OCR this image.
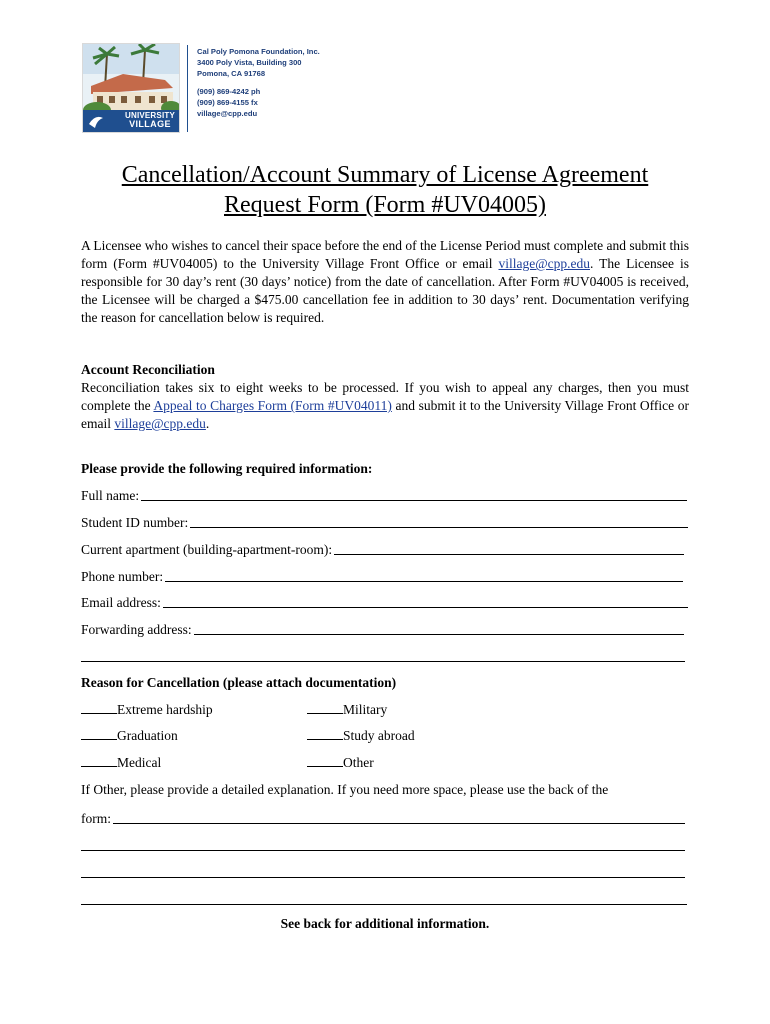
UNIVERSITY
VILLAGE
Cal Poly Pomona Foundation, Inc.
3400 Poly Vista, Building 300
Pomona, CA 91768
(909) 869-4242 ph
(909) 869-4155 fx
village@cpp.edu
Cancellation/Account Summary of License Agreement
Request Form (Form #UV04005)
A Licensee who wishes to cancel their space before the end of the License Period must complete and submit this form (Form #UV04005) to the University Village Front Office or email village@cpp.edu. The Licensee is responsible for 30 day’s rent (30 days’ notice) from the date of cancellation. After Form #UV04005 is received, the Licensee will be charged a $475.00 cancellation fee in addition to 30 days’ rent. Documentation verifying the reason for cancellation below is required.
Account Reconciliation
Reconciliation takes six to eight weeks to be processed. If you wish to appeal any charges, then you must complete the Appeal to Charges Form (Form #UV04011) and submit it to the University Village Front Office or email village@cpp.edu.
Please provide the following required information:
Full name:
Student ID number:
Current apartment (building-apartment-room):
Phone number:
Email address:
Forwarding address:
Reason for Cancellation (please attach documentation)
Extreme hardship	Military
Graduation	Study abroad
Medical	Other
If Other, please provide a detailed explanation. If you need more space, please use the back of the
form:
See back for additional information.
